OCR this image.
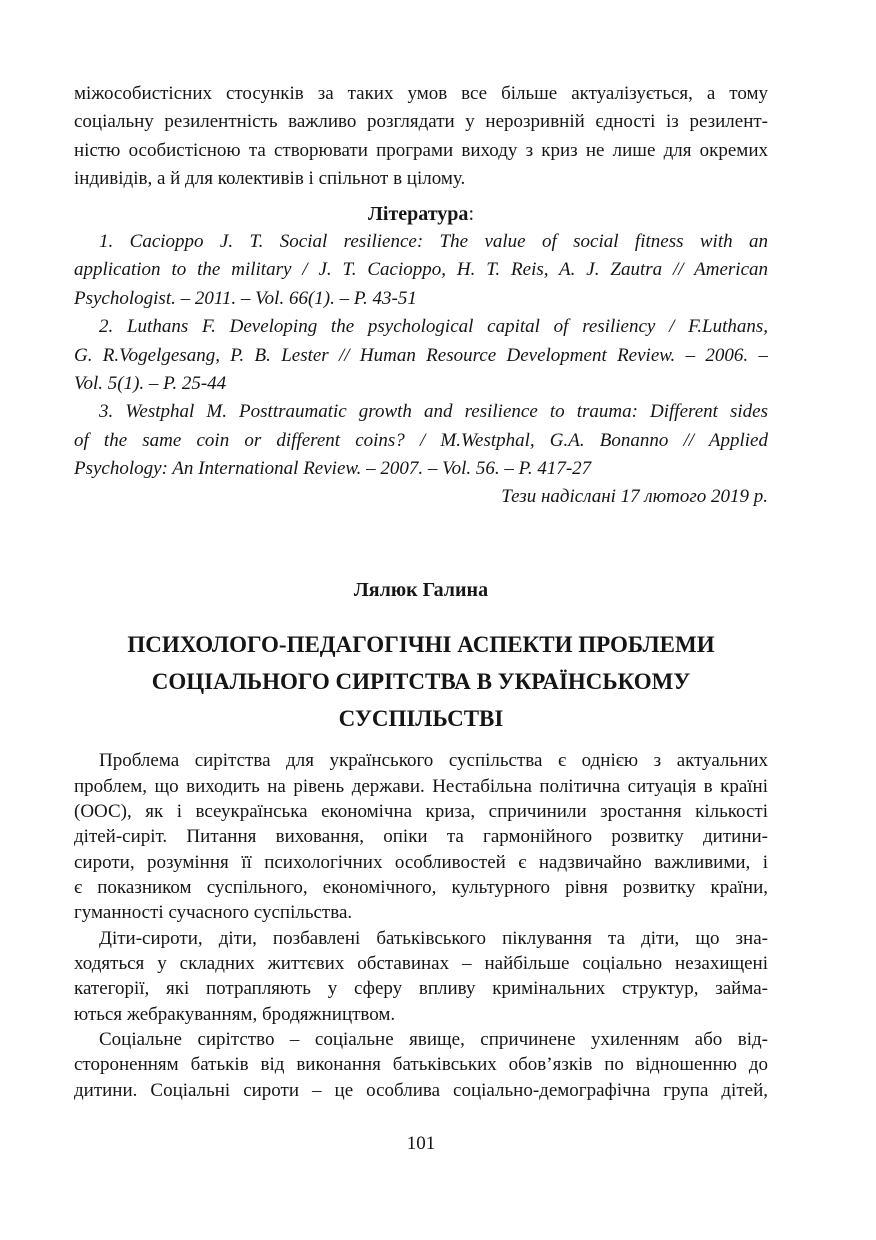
міжособистісних стосунків за таких умов все більше актуалізується, а тому
соціальну резилентність важливо розглядати у нерозривній єдності із резилент-
ністю особистісною та створювати програми виходу з криз не лише для окремих
індивідів, а й для колективів і спільнот в цілому.
Література:
1. Cacioppo J. T. Social resilience: The value of social fitness with an
application to the military / J. T. Cacioppo, H. T. Reis, A. J. Zautra // American
Psychologist. – 2011. – Vol. 66(1). – P. 43-51
2. Luthans F. Developing the psychological capital of resiliency / F.Luthans,
G. R.Vogelgesang, P. B. Lester // Human Resource Development Review. – 2006. –
Vol. 5(1). – P. 25-44
3. Westphal M. Posttraumatic growth and resilience to trauma: Different sides
of the same coin or different coins? / M.Westphal, G.A. Bonanno // Applied
Psychology: An International Review. – 2007. – Vol. 56. – P. 417-27
Тези надіслані 17 лютого 2019 р.
Лялюк Галина
ПСИХОЛОГО-ПЕДАГОГІЧНІ АСПЕКТИ ПРОБЛЕМИ
СОЦІАЛЬНОГО СИРІТСТВА В УКРАЇНСЬКОМУ
СУСПІЛЬСТВІ
Проблема сирітства для українського суспільства є однією з актуальних
проблем, що виходить на рівень держави. Нестабільна політична ситуація в країні
(ООС), як і всеукраїнська економічна криза, спричинили зростання кількості
дітей-сиріт. Питання виховання, опіки та гармонійного розвитку дитини-
сироти, розуміння її психологічних особливостей є надзвичайно важливими, і
є показником суспільного, економічного, культурного рівня розвитку країни,
гуманності сучасного суспільства.
Діти-сироти, діти, позбавлені батьківського піклування та діти, що зна-
ходяться у складних життєвих обставинах – найбільше соціально незахищені
категорії, які потрапляють у сферу впливу кримінальних структур, займа-
ються жебракуванням, бродяжництвом.
Соціальне сирітство – соціальне явище, спричинене ухиленням або від-
стороненням батьків від виконання батьківських обов’язків по відношенню до
дитини. Соціальні сироти – це особлива соціально-демографічна група дітей,
101
